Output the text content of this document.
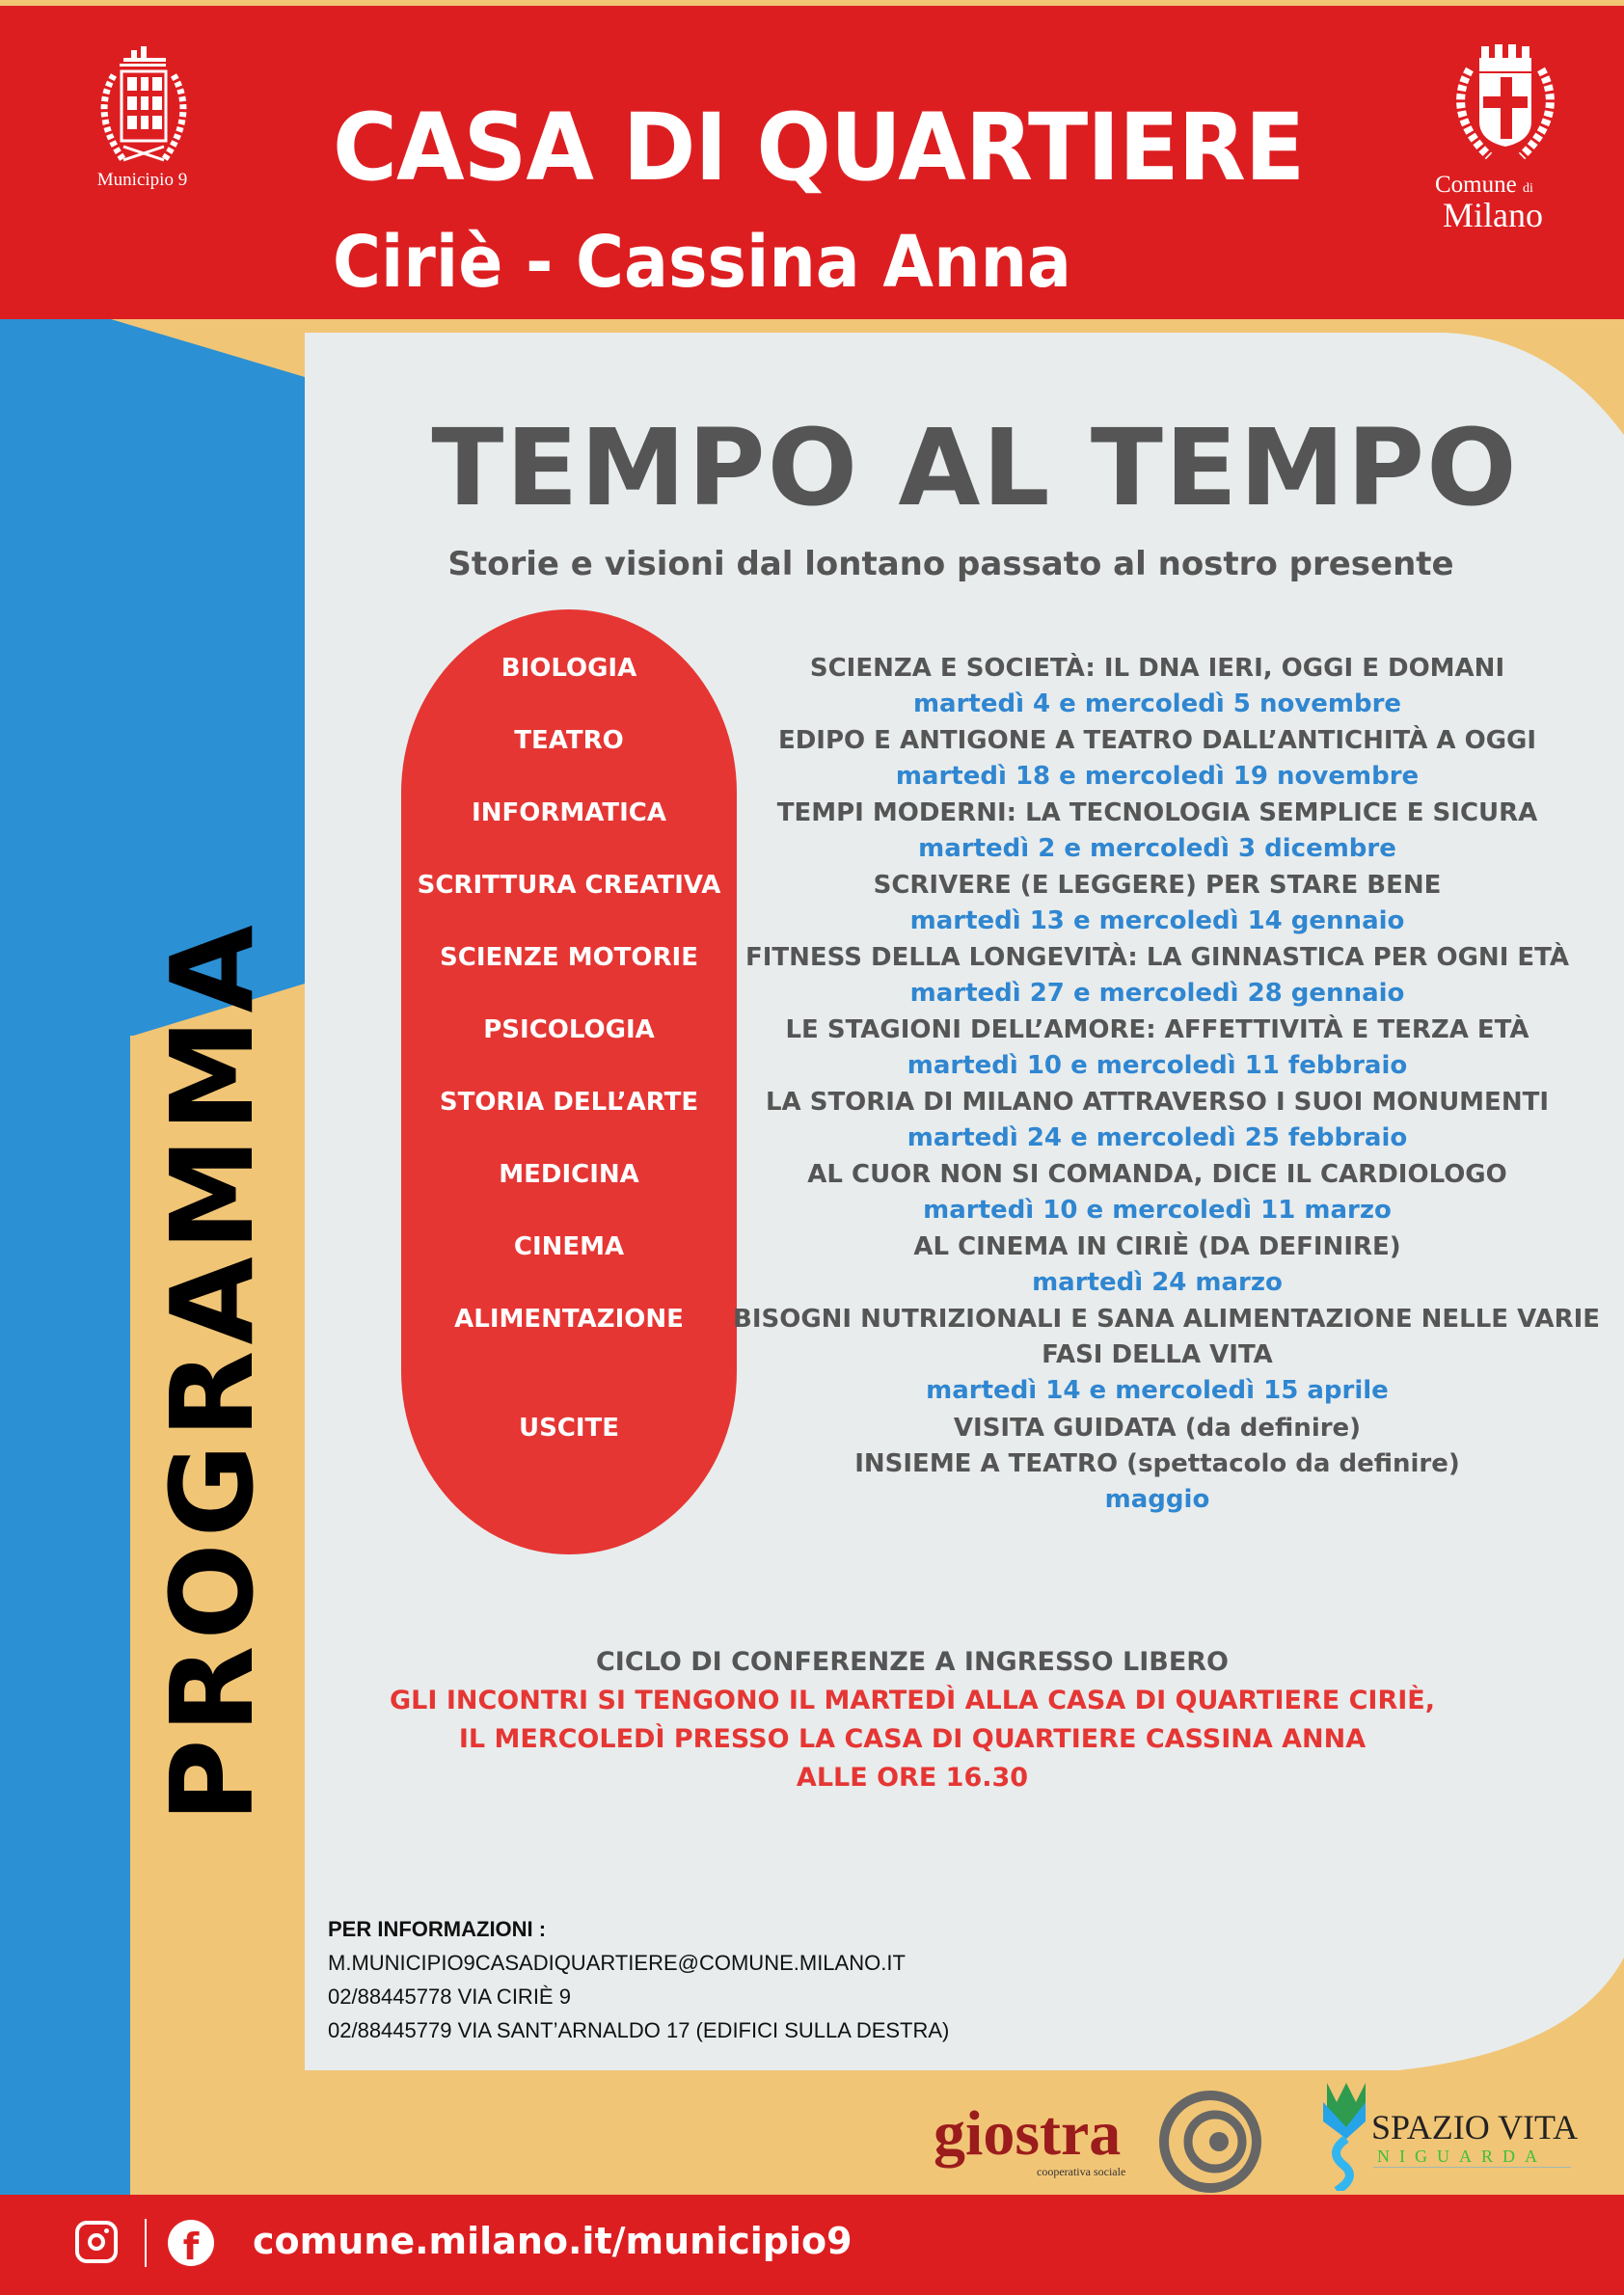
Municipio 9	CASA DI QUARTIERE
Ciriè - Cassina Anna
Comune di
Milano
PROGRAMMA
TEMPO AL TEMPO
Storie e visioni dal lontano passato al nostro presente
BIOLOGIA	SCIENZA E SOCIETÀ: IL DNA IERI, OGGI E DOMANI
martedì 4 e mercoledì 5 novembre
TEATRO	EDIPO E ANTIGONE A TEATRO DALL’ANTICHITÀ A OGGI
martedì 18 e mercoledì 19 novembre
INFORMATICA	TEMPI MODERNI: LA TECNOLOGIA SEMPLICE E SICURA
martedì 2 e mercoledì 3 dicembre
SCRITTURA CREATIVA	SCRIVERE (E LEGGERE) PER STARE BENE
martedì 13 e mercoledì 14 gennaio
SCIENZE MOTORIE	FITNESS DELLA LONGEVITÀ: LA GINNASTICA PER OGNI ETÀ
martedì 27 e mercoledì 28 gennaio
PSICOLOGIA	LE STAGIONI DELL’AMORE: AFFETTIVITÀ E TERZA ETÀ
martedì 10 e mercoledì 11 febbraio
STORIA DELL’ARTE	LA STORIA DI MILANO ATTRAVERSO I SUOI MONUMENTI
martedì 24 e mercoledì 25 febbraio
MEDICINA	AL CUOR NON SI COMANDA, DICE IL CARDIOLOGO
martedì 10 e mercoledì 11 marzo
CINEMA	AL CINEMA IN CIRIÈ (DA DEFINIRE)
martedì 24 marzo
ALIMENTAZIONE	BISOGNI NUTRIZIONALI E SANA ALIMENTAZIONE NELLE VARIE
FASI DELLA VITA
martedì 14 e mercoledì 15 aprile
USCITE	VISITA GUIDATA (da definire)
INSIEME A TEATRO (spettacolo da definire)
maggio
CICLO DI CONFERENZE A INGRESSO LIBERO
GLI INCONTRI SI TENGONO IL MARTEDÌ ALLA CASA DI QUARTIERE CIRIÈ,
IL MERCOLEDÌ PRESSO LA CASA DI QUARTIERE CASSINA ANNA
ALLE ORE 16.30
PER INFORMAZIONI :
M.MUNICIPIO9CASADIQUARTIERE@COMUNE.MILANO.IT
02/88445778 VIA CIRIÈ 9
02/88445779 VIA SANT’ARNALDO 17 (EDIFICI SULLA DESTRA)
giostra
cooperativa sociale
SPAZIO VITA
NIGUARDA
f	comune.milano.it/municipio9
